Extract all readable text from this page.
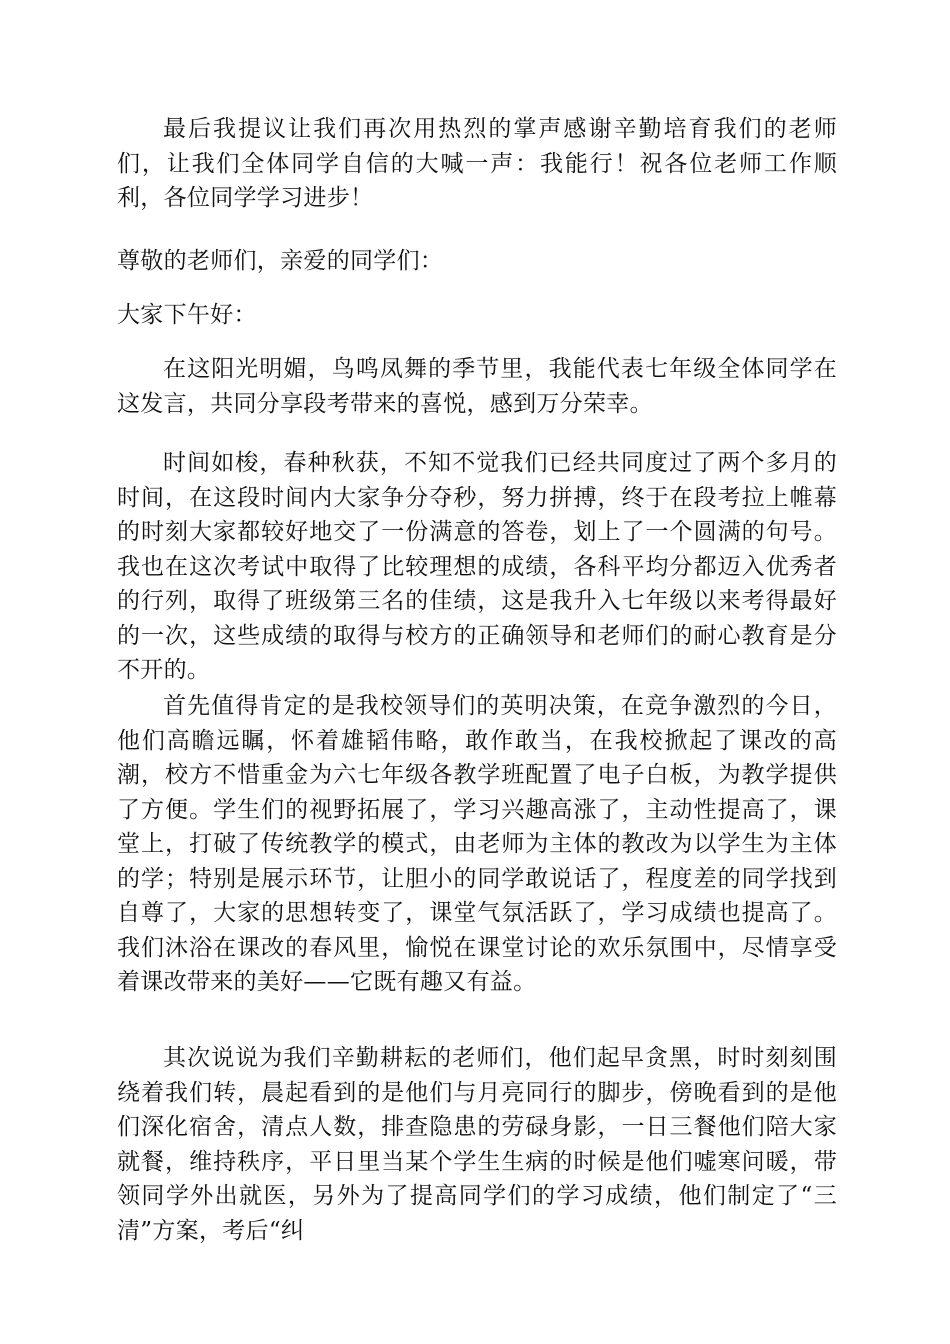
最后我提议让我们再次用热烈的掌声感谢辛勤培育我们的老师们，让我们全体同学自信的大喊一声：我能行！祝各位老师工作顺利，各位同学学习进步！

尊敬的老师们，亲爱的同学们：

大家下午好：

在这阳光明媚，鸟鸣凤舞的季节里，我能代表七年级全体同学在这发言，共同分享段考带来的喜悦，感到万分荣幸。

时间如梭，春种秋获，不知不觉我们已经共同度过了两个多月的时间，在这段时间内大家争分夺秒，努力拼搏，终于在段考拉上帷幕的时刻大家都较好地交了一份满意的答卷，划上了一个圆满的句号。我也在这次考试中取得了比较理想的成绩，各科平均分都迈入优秀者的行列，取得了班级第三名的佳绩，这是我升入七年级以来考得最好的一次，这些成绩的取得与校方的正确领导和老师们的耐心教育是分不开的。

首先值得肯定的是我校领导们的英明决策，在竞争激烈的今日，他们高瞻远瞩，怀着雄韬伟略，敢作敢当，在我校掀起了课改的高潮，校方不惜重金为六七年级各教学班配置了电子白板，为教学提供了方便。学生们的视野拓展了，学习兴趣高涨了，主动性提高了，课堂上，打破了传统教学的模式，由老师为主体的教改为以学生为主体的学；特别是展示环节，让胆小的同学敢说话了，程度差的同学找到自尊了，大家的思想转变了，课堂气氛活跃了，学习成绩也提高了。我们沐浴在课改的春风里，愉悦在课堂讨论的欢乐氛围中，尽情享受着课改带来的美好——它既有趣又有益。

其次说说为我们辛勤耕耘的老师们，他们起早贪黑，时时刻刻围绕着我们转，晨起看到的是他们与月亮同行的脚步，傍晚看到的是他们深化宿舍，清点人数，排查隐患的劳碌身影，一日三餐他们陪大家就餐，维持秩序，平日里当某个学生生病的时候是他们嘘寒问暖，带领同学外出就医，另外为了提高同学们的学习成绩，他们制定了“三清”方案，考后“纠
